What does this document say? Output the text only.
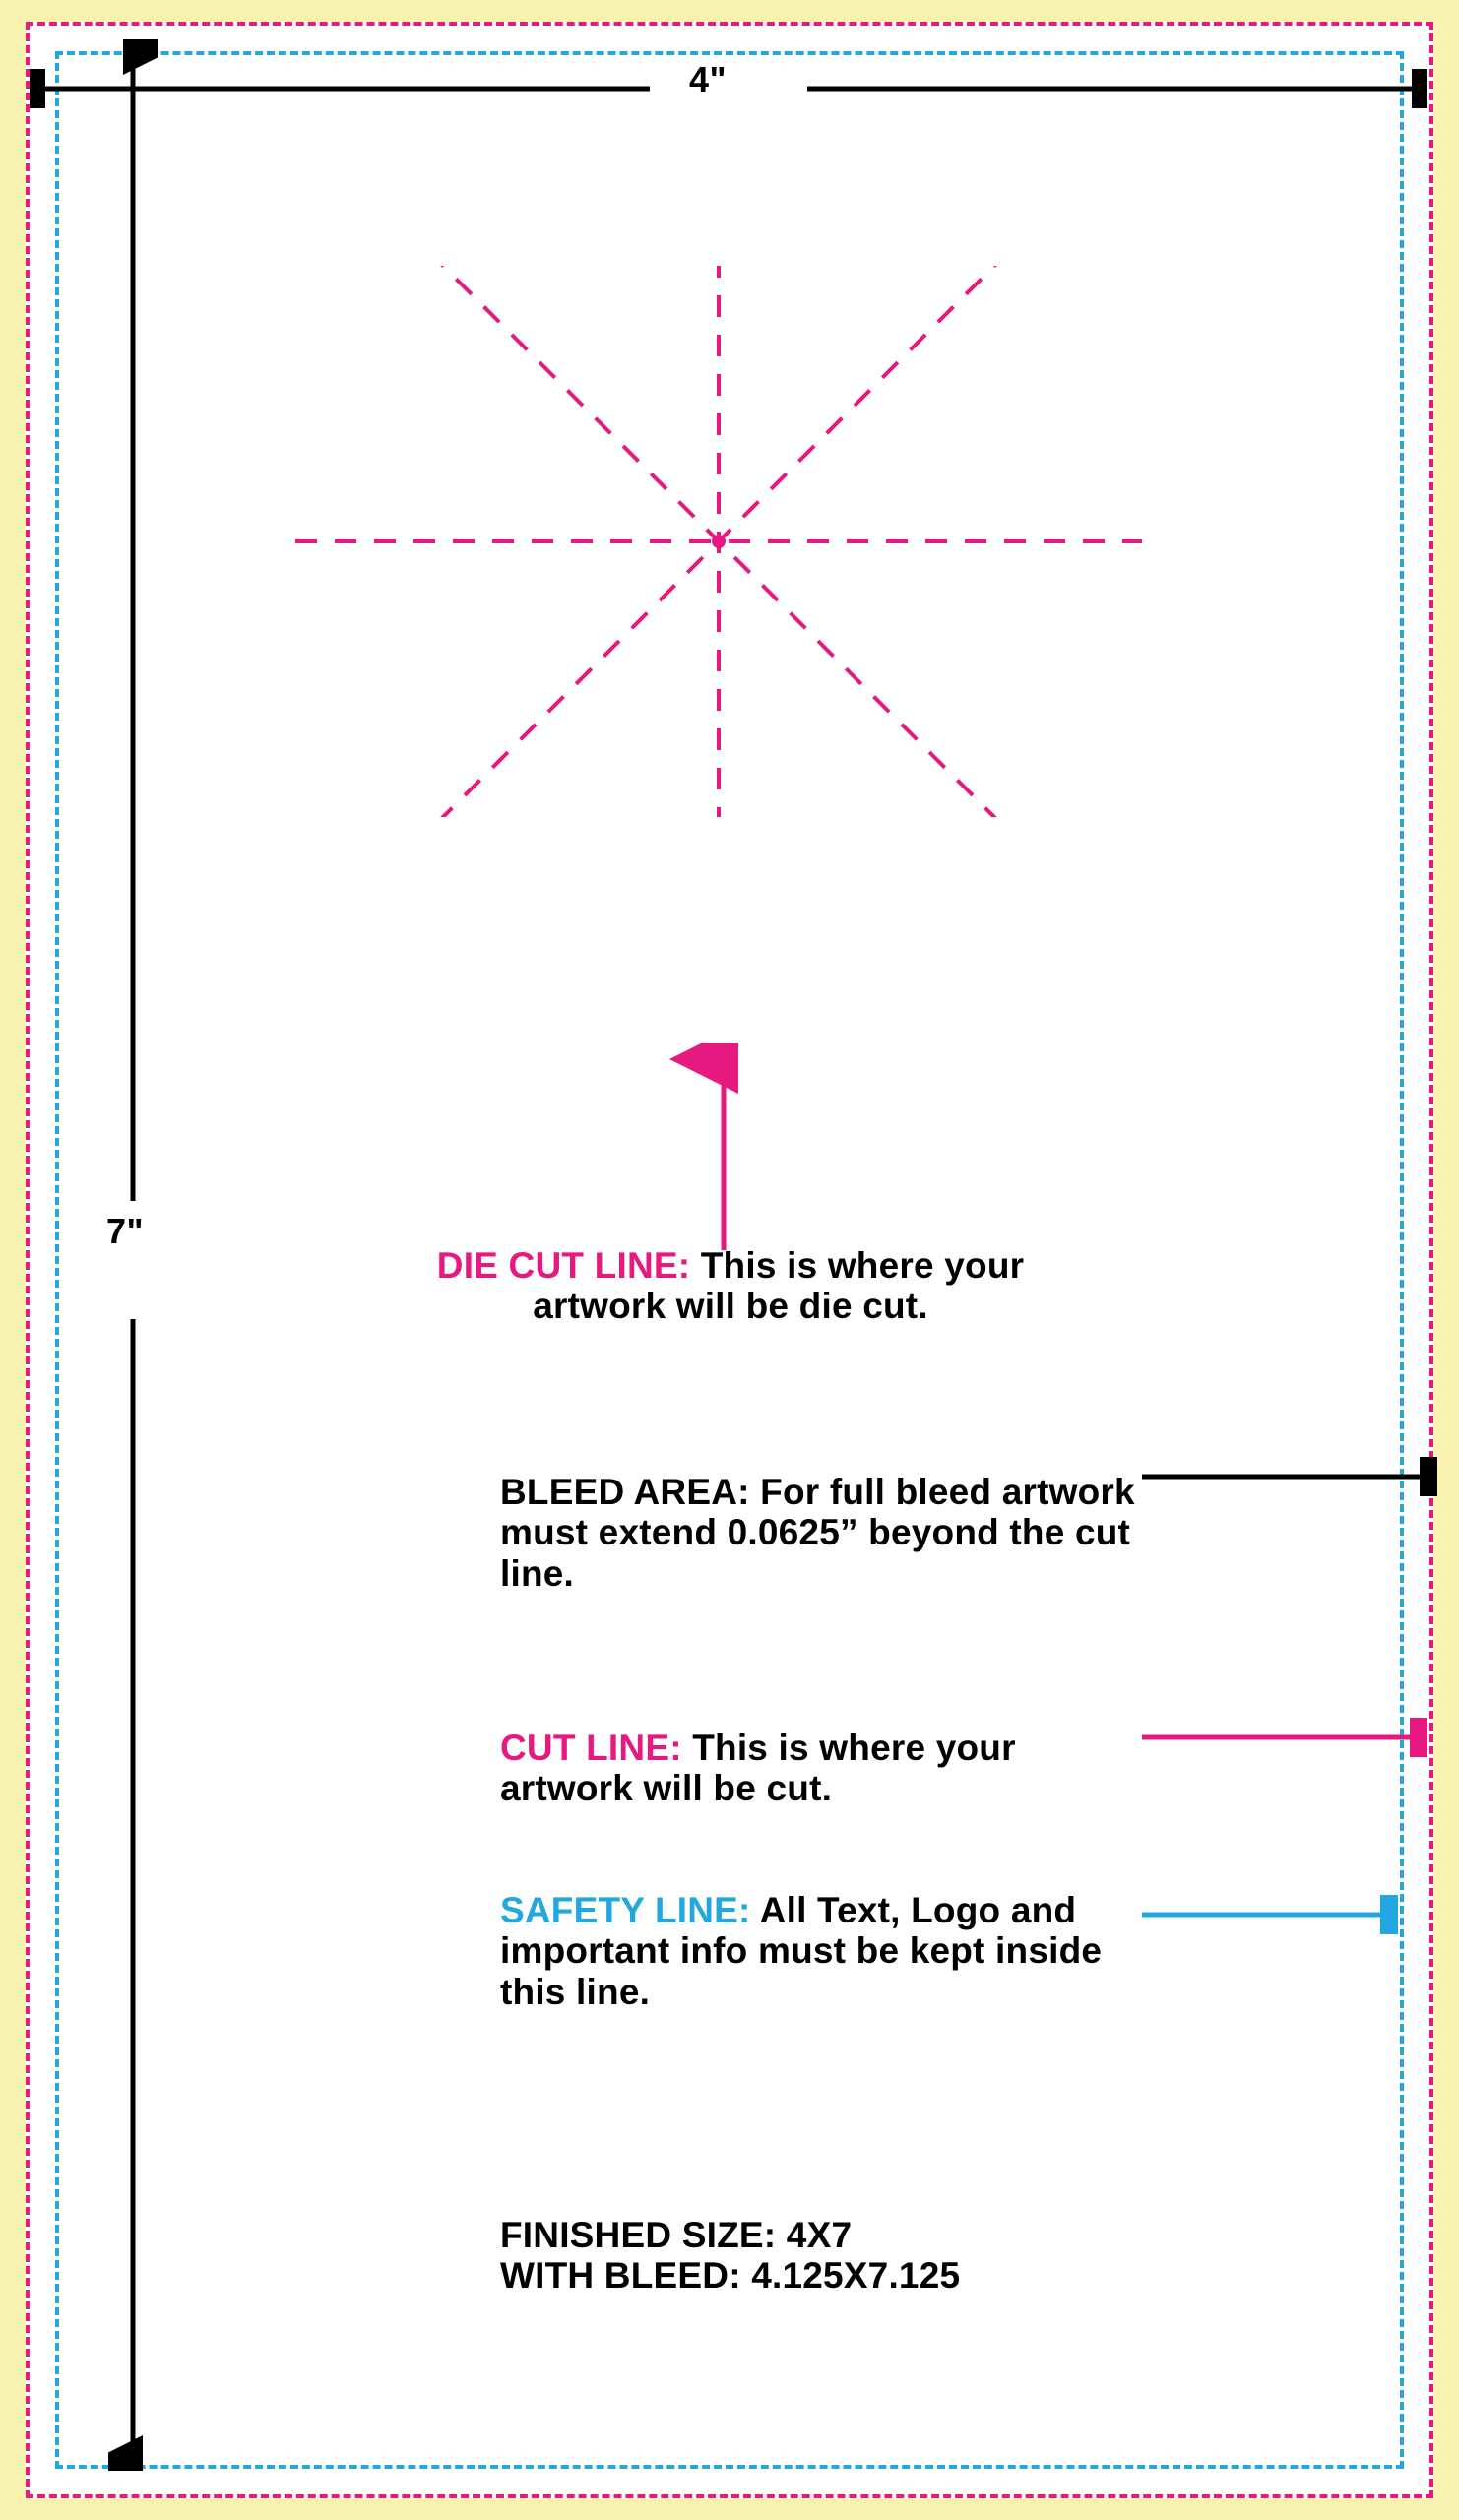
4"
7"
DIE CUT LINE: This is where your artwork will be die cut.
BLEED AREA: For full bleed artwork must extend 0.0625” beyond the cut line.
CUT LINE: This is where your artwork will be cut.
SAFETY LINE: All Text, Logo and important info must be kept inside this line.
FINISHED SIZE: 4X7
WITH BLEED: 4.125X7.125
